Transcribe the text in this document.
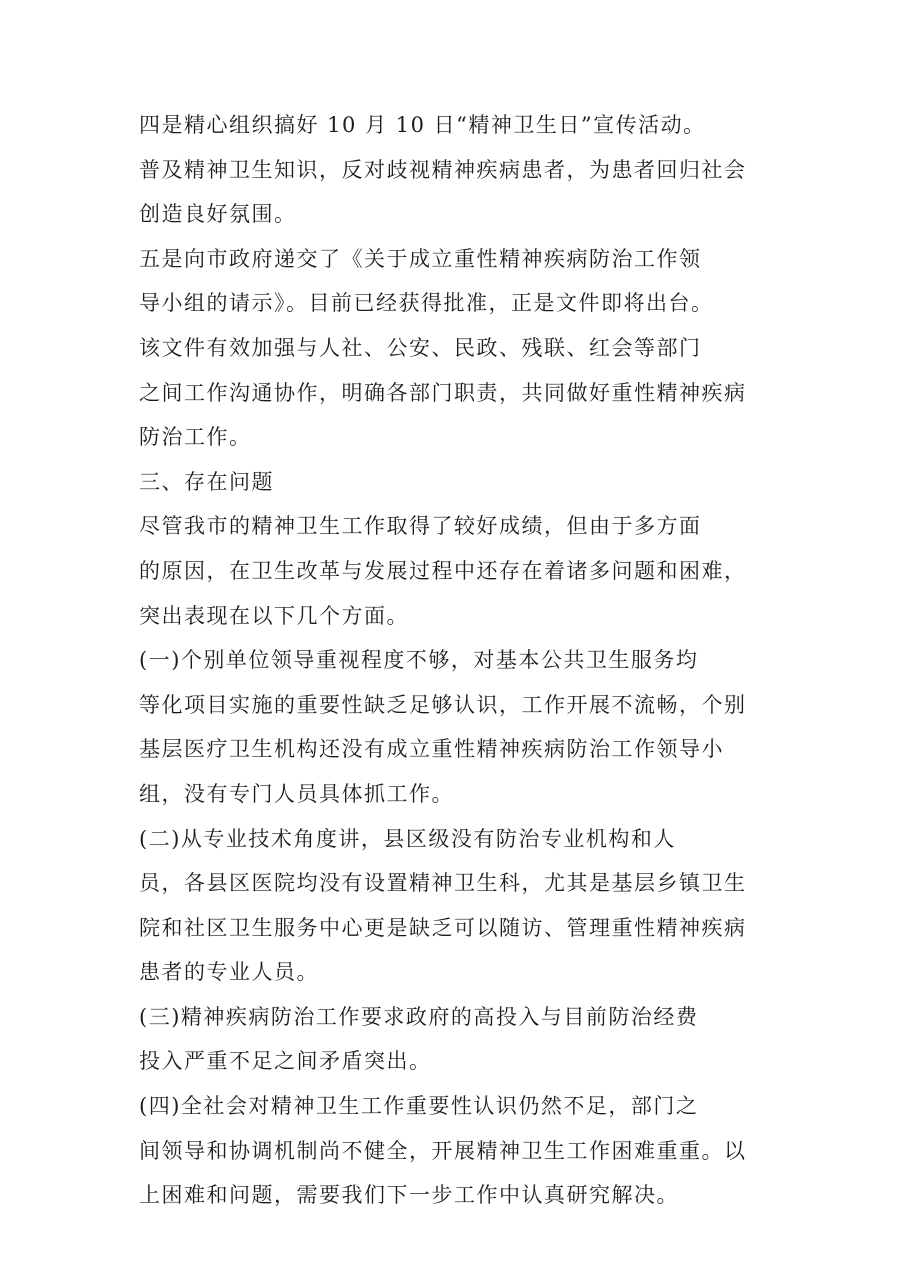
四是精心组织搞好 10 月 10 日“精神卫生日”宣传活动。
普及精神卫生知识，反对歧视精神疾病患者，为患者回归社会
创造良好氛围。
五是向市政府递交了《关于成立重性精神疾病防治工作领
导小组的请示》。目前已经获得批准，正是文件即将出台。
该文件有效加强与人社、公安、民政、残联、红会等部门
之间工作沟通协作，明确各部门职责，共同做好重性精神疾病
防治工作。
三、存在问题
尽管我市的精神卫生工作取得了较好成绩，但由于多方面
的原因，在卫生改革与发展过程中还存在着诸多问题和困难，
突出表现在以下几个方面。
(一)个别单位领导重视程度不够，对基本公共卫生服务均
等化项目实施的重要性缺乏足够认识，工作开展不流畅，个别
基层医疗卫生机构还没有成立重性精神疾病防治工作领导小
组，没有专门人员具体抓工作。
(二)从专业技术角度讲，县区级没有防治专业机构和人
员，各县区医院均没有设置精神卫生科，尤其是基层乡镇卫生
院和社区卫生服务中心更是缺乏可以随访、管理重性精神疾病
患者的专业人员。
(三)精神疾病防治工作要求政府的高投入与目前防治经费
投入严重不足之间矛盾突出。
(四)全社会对精神卫生工作重要性认识仍然不足，部门之
间领导和协调机制尚不健全，开展精神卫生工作困难重重。以
上困难和问题，需要我们下一步工作中认真研究解决。
